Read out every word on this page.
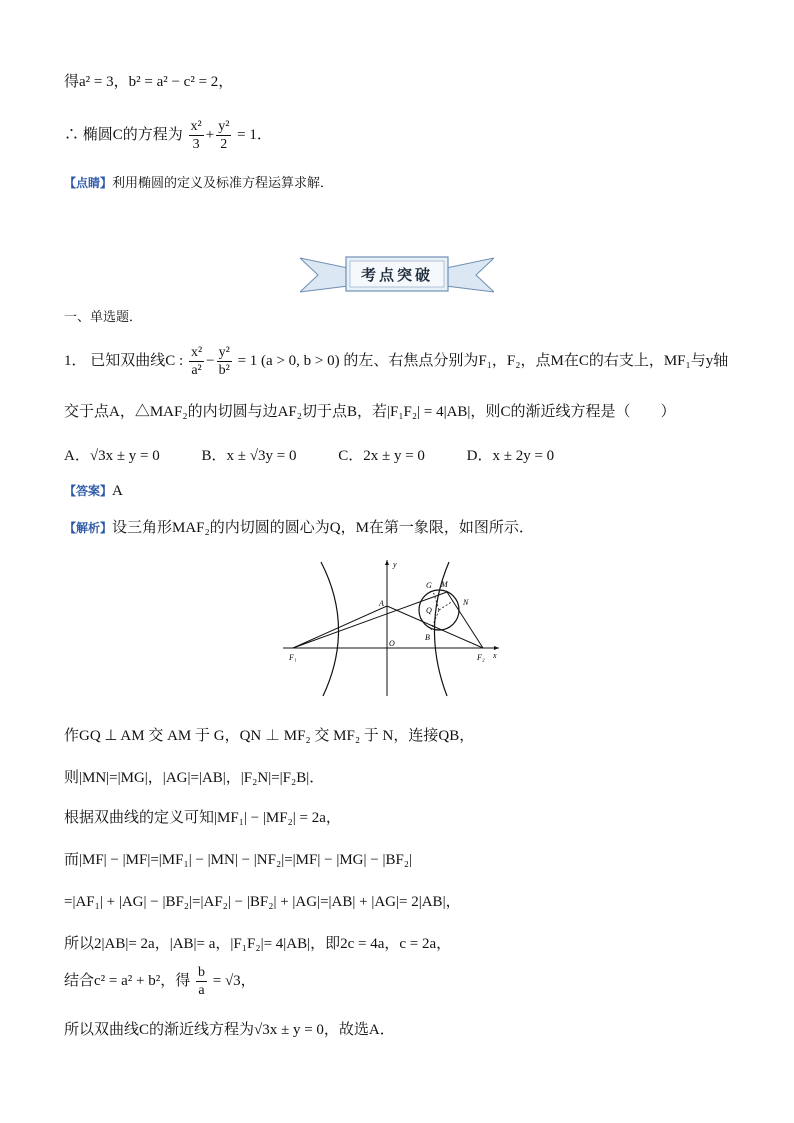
得a² = 3，b² = a² − c² = 2，
∴ 椭圆C的方程为 $\frac{\text{x²}}{3} + \frac{\text{y²}}{2} = 1$．
【点睛】利用椭圆的定义及标准方程运算求解．
考点突破
一、单选题．
1． 已知双曲线C : $\frac{\text{x²}}{\text{a²}} - \frac{\text{y²}}{\text{b²}} = 1$ (a > 0, b > 0) 的左、右焦点分别为F₁，F₂，点M在C的右支上，MF₁与y轴
交于点A，△MAF₂的内切圆与边AF₂切于点B，若|F₁F₂| = 4|AB|，则C的渐近线方程是（　　）
A．√3x ± y = 0	B．x ± √3y = 0	C．2x ± y = 0	D．x ± 2y = 0
【答案】A
【解析】设三角形MAF₂的内切圆的圆心为Q，M在第一象限，如图所示．
y
x
O
A
B
G M
N
Q
F₁	F₂
作GQ ⊥ AM 交 AM 于 G，QN ⊥ MF₂ 交 MF₂ 于 N，连接QB，
则|MN|=|MG|，|AG|=|AB|，|F₂N|=|F₂B|．
根据双曲线的定义可知|MF₁| − |MF₂| = 2a，
而|MF| − |MF|=|MF₁| − |MN| − |NF₂|=|MF| − |MG| − |BF₂|
=|AF₁| + |AG| − |BF₂|=|AF₂| − |BF₂| + |AG|=|AB| + |AG|= 2|AB|，
所以2|AB|= 2a，|AB|= a，|F₁F₂|= 4|AB|，即2c = 4a，c = 2a，
结合c² = a² + b²，得 $\frac{b}{a} = √3$，
所以双曲线C的渐近线方程为√3x ± y = 0，故选A．
